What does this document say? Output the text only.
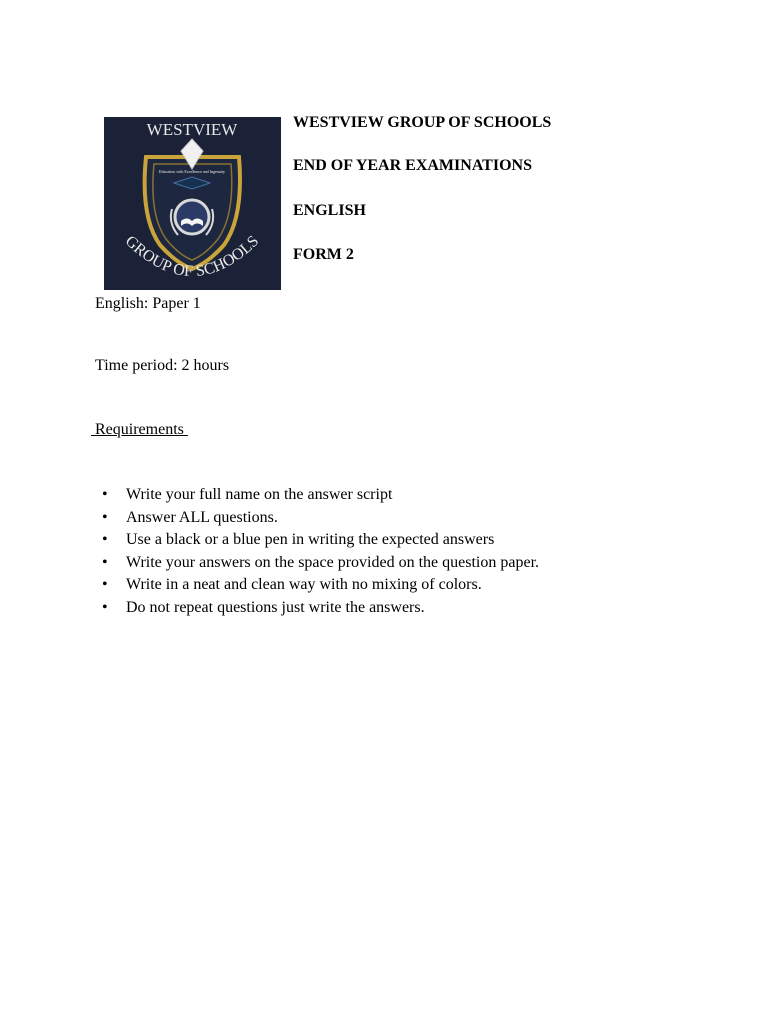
WESTVIEW
Education with Excellence and Ingenuity
GROUP OF SCHOOLS
WESTVIEW GROUP OF SCHOOLS
END OF YEAR EXAMINATIONS
ENGLISH
FORM 2
English: Paper 1
Time period: 2 hours
Requirements
• Write your full name on the answer script
• Answer ALL questions.
• Use a black or a blue pen in writing the expected answers
• Write your answers on the space provided on the question paper.
• Write in a neat and clean way with no mixing of colors.
• Do not repeat questions just write the answers.
